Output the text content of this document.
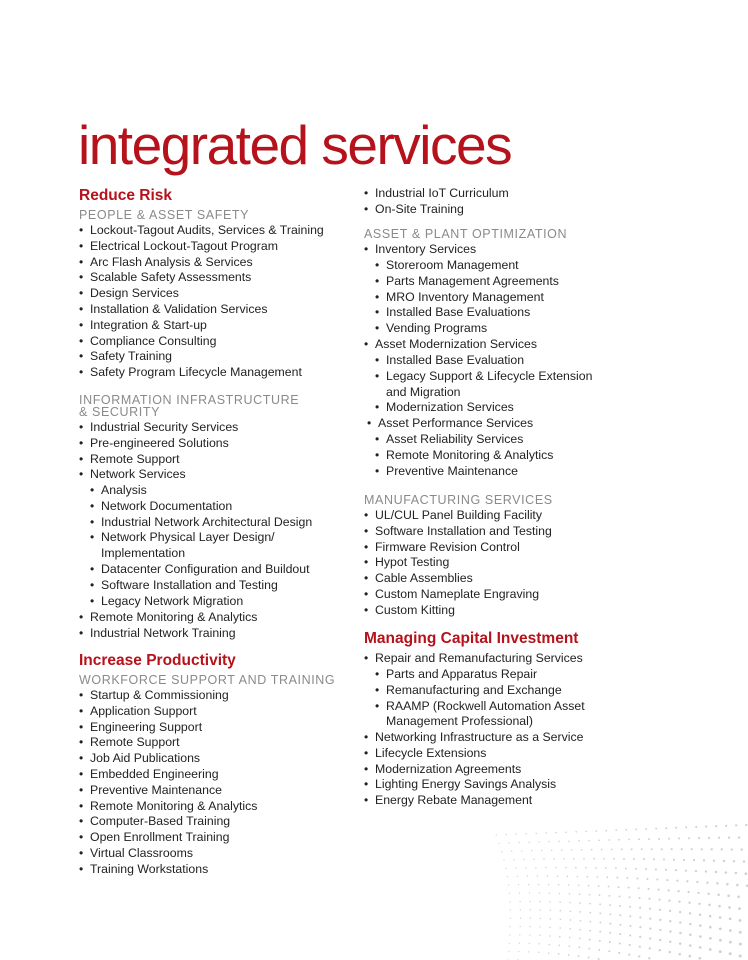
integrated services
Reduce Risk
PEOPLE & ASSET SAFETY
• Lockout-Tagout Audits, Services & Training
• Electrical Lockout-Tagout Program
• Arc Flash Analysis & Services
• Scalable Safety Assessments
• Design Services
• Installation & Validation Services
• Integration & Start-up
• Compliance Consulting
• Safety Training
• Safety Program Lifecycle Management
INFORMATION INFRASTRUCTURE
& SECURITY
• Industrial Security Services
• Pre-engineered Solutions
• Remote Support
• Network Services
• Analysis
• Network Documentation
• Industrial Network Architectural Design
• Network Physical Layer Design/
Implementation
• Datacenter Configuration and Buildout
• Software Installation and Testing
• Legacy Network Migration
• Remote Monitoring & Analytics
• Industrial Network Training
Increase Productivity
WORKFORCE SUPPORT AND TRAINING
• Startup & Commissioning
• Application Support
• Engineering Support
• Remote Support
• Job Aid Publications
• Embedded Engineering
• Preventive Maintenance
• Remote Monitoring & Analytics
• Computer-Based Training
• Open Enrollment Training
• Virtual Classrooms
• Training Workstations
• Industrial IoT Curriculum
• On-Site Training
ASSET & PLANT OPTIMIZATION
• Inventory Services
• Storeroom Management
• Parts Management Agreements
• MRO Inventory Management
• Installed Base Evaluations
• Vending Programs
• Asset Modernization Services
• Installed Base Evaluation
• Legacy Support & Lifecycle Extension
and Migration
• Modernization Services
• Asset Performance Services
• Asset Reliability Services
• Remote Monitoring & Analytics
• Preventive Maintenance
MANUFACTURING SERVICES
• UL/CUL Panel Building Facility
• Software Installation and Testing
• Firmware Revision Control
• Hypot Testing
• Cable Assemblies
• Custom Nameplate Engraving
• Custom Kitting
Managing Capital Investment
• Repair and Remanufacturing Services
• Parts and Apparatus Repair
• Remanufacturing and Exchange
• RAAMP (Rockwell Automation Asset
Management Professional)
• Networking Infrastructure as a Service
• Lifecycle Extensions
• Modernization Agreements
• Lighting Energy Savings Analysis
• Energy Rebate Management
